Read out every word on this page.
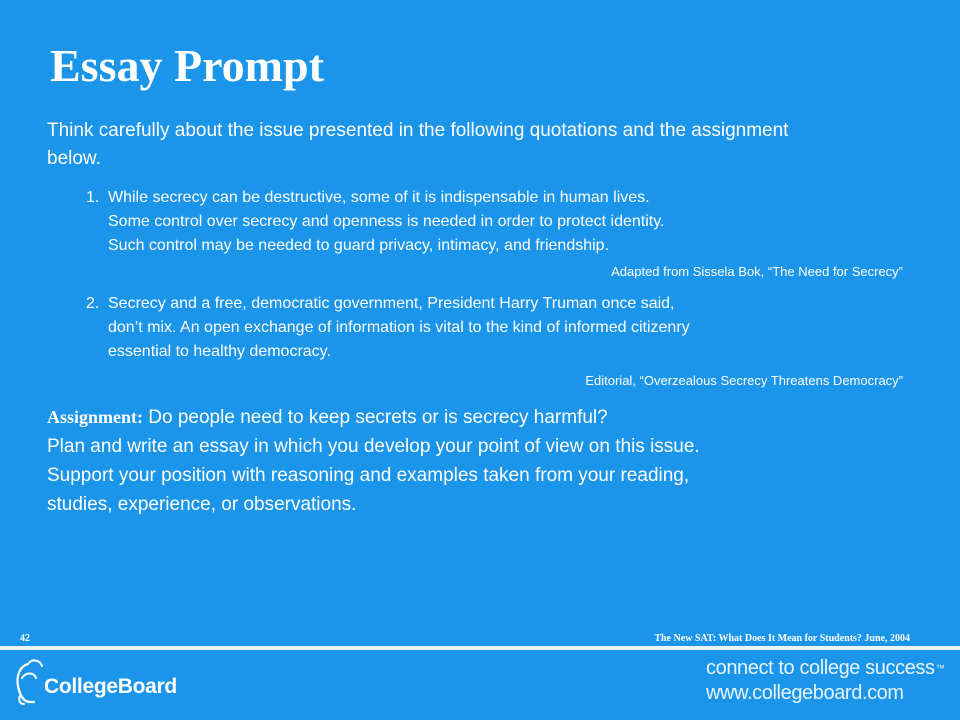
Essay Prompt

Think carefully about the issue presented in the following quotations and the assignment below.

1. While secrecy can be destructive, some of it is indispensable in human lives.
Some control over secrecy and openness is needed in order to protect identity.
Such control may be needed to guard privacy, intimacy, and friendship.

Adapted from Sissela Bok, “The Need for Secrecy”

2. Secrecy and a free, democratic government, President Harry Truman once said,
don’t mix. An open exchange of information is vital to the kind of informed citizenry
essential to healthy democracy.

Editorial, “Overzealous Secrecy Threatens Democracy”

Assignment: Do people need to keep secrets or is secrecy harmful?
Plan and write an essay in which you develop your point of view on this issue.
Support your position with reasoning and examples taken from your reading,
studies, experience, or observations.
42	The New SAT: What Does It Mean for Students? June, 2004
CollegeBoard
connect to college success™
www.collegeboard.com
